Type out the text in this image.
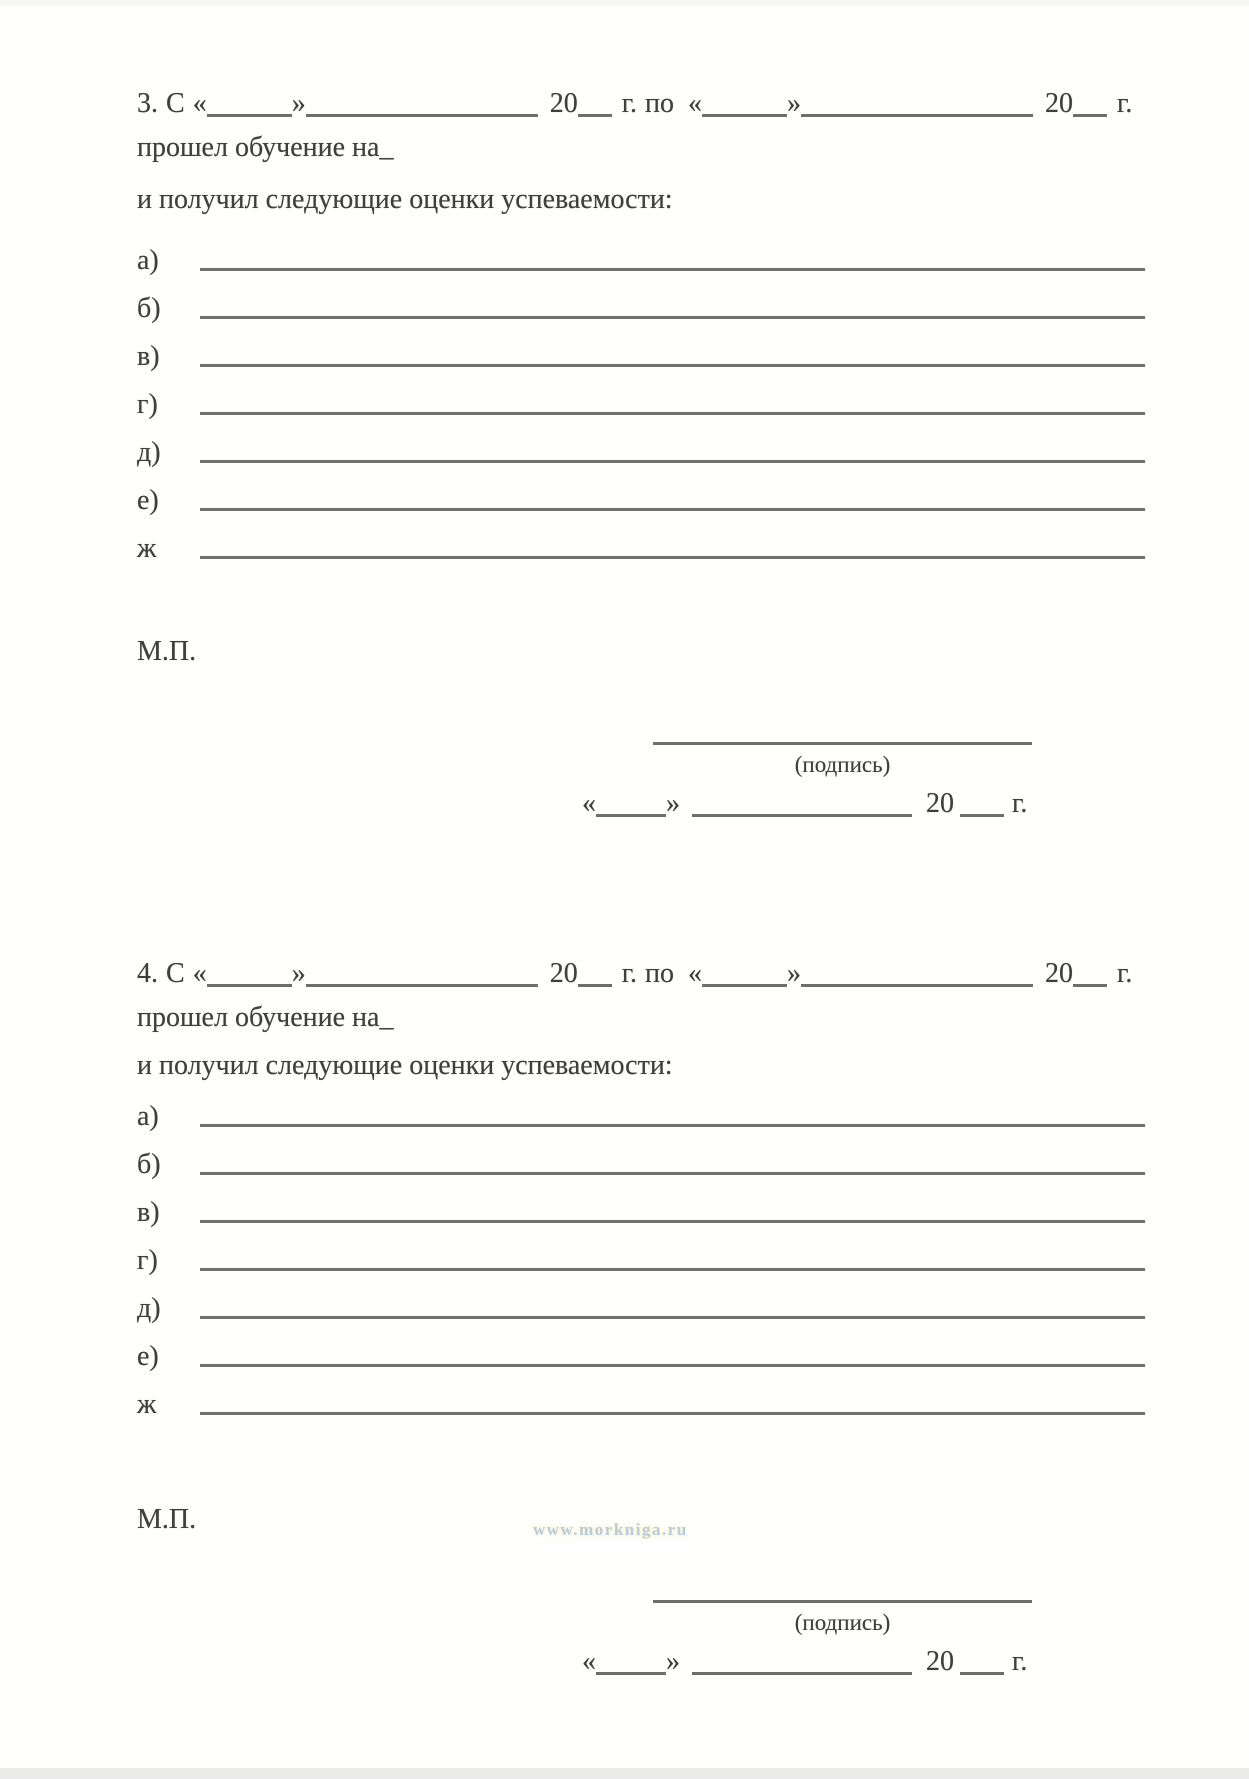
3. С «	»	20 г. по «	»	20 г.
прошел обучение на_
и получил следующие оценки успеваемости:
а)
б)
в)
г)
д)
е)
ж
М.П.
(подпись)
«	»	20 г.
4. С «	»	20 г. по «	»	20 г.
прошел обучение на_
и получил следующие оценки успеваемости:
а)
б)
в)
г)
д)
е)
ж
М.П.	www.morkniga.ru
(подпись)
«	»	20 г.
